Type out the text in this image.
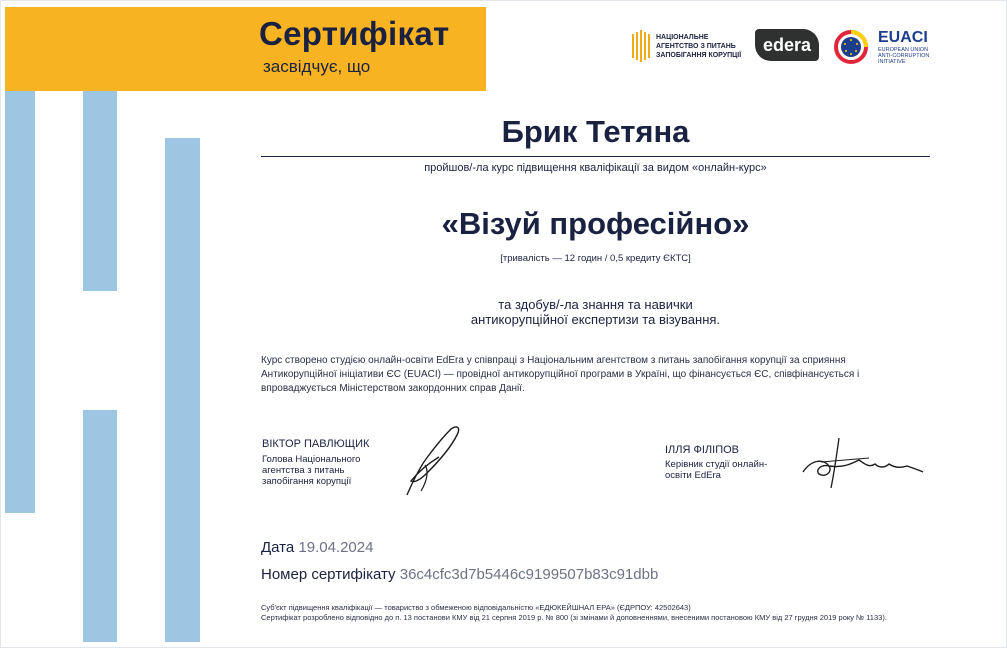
Сертифікат
засвідчує, що
НАЦІОНАЛЬНЕ АГЕНТСТВО З ПИТАНЬ ЗАПОБІГАННЯ КОРУПЦІЇ
edera	EUACI
EUROPEAN UNION ANTI-CORRUPTION INITIATIVE
Брик Тетяна
пройшов/-ла курс підвищення кваліфікації за видом «онлайн-курс»
«Візуй професійно»
[тривалість — 12 годин / 0,5 кредиту ЄКТС]
та здобув/-ла знання та навички
антикорупційної експертизи та візування.
Курс створено студією онлайн-освіти EdEra у співпраці з Національним агентством з питань запобігання корупції за сприяння Антикорупційної ініціативи ЄС (EUACI) — провідної антикорупційної програми в Україні, що фінансується ЄС, співфінансується і впроваджується Міністерством закордонних справ Данії.
ВІКТОР ПАВЛЮЩИК
Голова Національного агентства з питань запобігання корупції
ІЛЛЯ ФІЛІПОВ
Керівник студії онлайн-освіти EdEra
Дата 19.04.2024
Номер сертифікату 36c4cfc3d7b5446c9199507b83c91dbb
Суб'єкт підвищення кваліфікації — товариство з обмеженою відповідальністю «ЕДЮКЕЙШНАЛ ЕРА» (ЄДРПОУ: 42502643)
Сертифікат розроблено відповідно до п. 13 постанови КМУ від 21 серпня 2019 р. № 800 (зі змінами й доповненнями, внесеними постановою КМУ від 27 грудня 2019 року № 1133).
